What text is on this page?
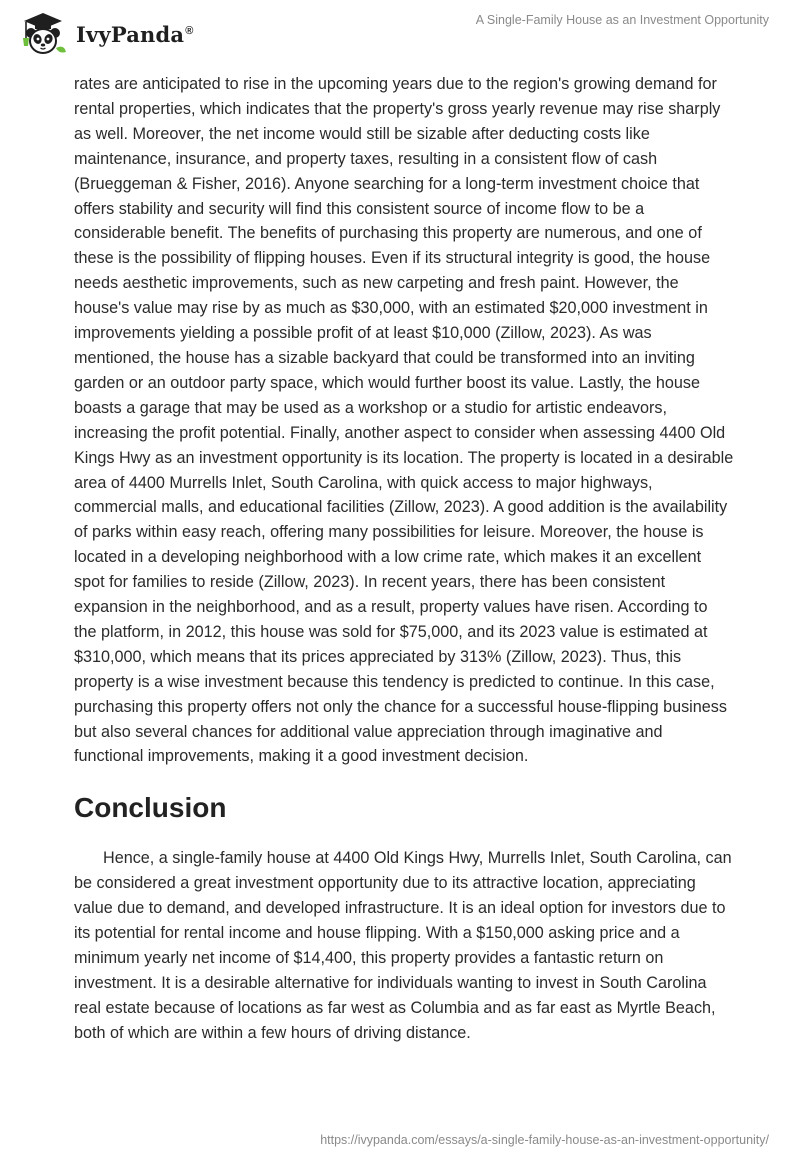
IvyPanda®
A Single-Family House as an Investment Opportunity

rates are anticipated to rise in the upcoming years due to the region's growing demand for rental properties, which indicates that the property's gross yearly revenue may rise sharply as well. Moreover, the net income would still be sizable after deducting costs like maintenance, insurance, and property taxes, resulting in a consistent flow of cash (Brueggeman & Fisher, 2016). Anyone searching for a long-term investment choice that offers stability and security will find this consistent source of income flow to be a considerable benefit. The benefits of purchasing this property are numerous, and one of these is the possibility of flipping houses. Even if its structural integrity is good, the house needs aesthetic improvements, such as new carpeting and fresh paint. However, the house's value may rise by as much as $30,000, with an estimated $20,000 investment in improvements yielding a possible profit of at least $10,000 (Zillow, 2023). As was mentioned, the house has a sizable backyard that could be transformed into an inviting garden or an outdoor party space, which would further boost its value. Lastly, the house boasts a garage that may be used as a workshop or a studio for artistic endeavors, increasing the profit potential. Finally, another aspect to consider when assessing 4400 Old Kings Hwy as an investment opportunity is its location. The property is located in a desirable area of 4400 Murrells Inlet, South Carolina, with quick access to major highways, commercial malls, and educational facilities (Zillow, 2023). A good addition is the availability of parks within easy reach, offering many possibilities for leisure. Moreover, the house is located in a developing neighborhood with a low crime rate, which makes it an excellent spot for families to reside (Zillow, 2023). In recent years, there has been consistent expansion in the neighborhood, and as a result, property values have risen. According to the platform, in 2012, this house was sold for $75,000, and its 2023 value is estimated at $310,000, which means that its prices appreciated by 313% (Zillow, 2023). Thus, this property is a wise investment because this tendency is predicted to continue. In this case, purchasing this property offers not only the chance for a successful house-flipping business but also several chances for additional value appreciation through imaginative and functional improvements, making it a good investment decision.

Conclusion

Hence, a single-family house at 4400 Old Kings Hwy, Murrells Inlet, South Carolina, can be considered a great investment opportunity due to its attractive location, appreciating value due to demand, and developed infrastructure. It is an ideal option for investors due to its potential for rental income and house flipping. With a $150,000 asking price and a minimum yearly net income of $14,400, this property provides a fantastic return on investment. It is a desirable alternative for individuals wanting to invest in South Carolina real estate because of locations as far west as Columbia and as far east as Myrtle Beach, both of which are within a few hours of driving distance.

https://ivypanda.com/essays/a-single-family-house-as-an-investment-opportunity/
